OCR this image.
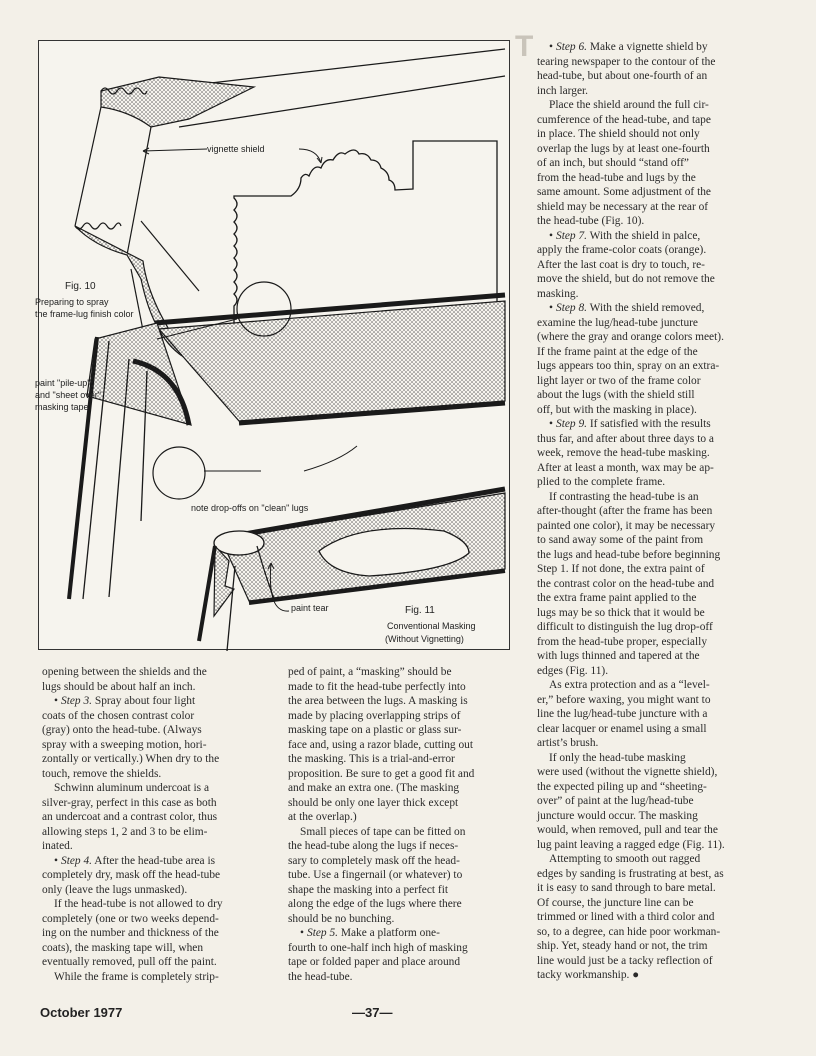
T
vignette shield
Fig. 10
Preparing to spray
the frame-lug finish color
paint "pile-up"
and "sheet over"
masking tape
note drop-offs on "clean" lugs
paint tear	Fig. 11
Conventional Masking
(Without Vignetting)

opening between the shields and the

lugs should be about half an inch.

• Step 3. Spray about four light

coats of the chosen contrast color

(gray) onto the head-tube. (Always

spray with a sweeping motion, hori-

zontally or vertically.) When dry to the

touch, remove the shields.

Schwinn aluminum undercoat is a

silver-gray, perfect in this case as both

an undercoat and a contrast color, thus

allowing steps 1, 2 and 3 to be elim-

inated.

• Step 4. After the head-tube area is

completely dry, mask off the head-tube

only (leave the lugs unmasked).

If the head-tube is not allowed to dry

completely (one or two weeks depend-

ing on the number and thickness of the

coats), the masking tape will, when

eventually removed, pull off the paint.

While the frame is completely strip-

ped of paint, a “masking” should be

made to fit the head-tube perfectly into

the area between the lugs. A masking is

made by placing overlapping strips of

masking tape on a plastic or glass sur-

face and, using a razor blade, cutting out

the masking. This is a trial-and-error

proposition. Be sure to get a good fit and

and make an extra one. (The masking

should be only one layer thick except

at the overlap.)

Small pieces of tape can be fitted on

the head-tube along the lugs if neces-

sary to completely mask off the head-

tube. Use a fingernail (or whatever) to

shape the masking into a perfect fit

along the edge of the lugs where there

should be no bunching.

• Step 5. Make a platform one-

fourth to one-half inch high of masking

tape or folded paper and place around

the head-tube.

• Step 6. Make a vignette shield by

tearing newspaper to the contour of the

head-tube, but about one-fourth of an

inch larger.

Place the shield around the full cir-

cumference of the head-tube, and tape

in place. The shield should not only

overlap the lugs by at least one-fourth

of an inch, but should “stand off”

from the head-tube and lugs by the

same amount. Some adjustment of the

shield may be necessary at the rear of

the head-tube (Fig. 10).

• Step 7. With the shield in palce,

apply the frame-color coats (orange).

After the last coat is dry to touch, re-

move the shield, but do not remove the

masking.

• Step 8. With the shield removed,

examine the lug/head-tube juncture

(where the gray and orange colors meet).

If the frame paint at the edge of the

lugs appears too thin, spray on an extra-

light layer or two of the frame color

about the lugs (with the shield still

off, but with the masking in place).

• Step 9. If satisfied with the results

thus far, and after about three days to a

week, remove the head-tube masking.

After at least a month, wax may be ap-

plied to the complete frame.

If contrasting the head-tube is an

after-thought (after the frame has been

painted one color), it may be necessary

to sand away some of the paint from

the lugs and head-tube before beginning

Step 1. If not done, the extra paint of

the contrast color on the head-tube and

the extra frame paint applied to the

lugs may be so thick that it would be

difficult to distinguish the lug drop-off

from the head-tube proper, especially

with lugs thinned and tapered at the

edges (Fig. 11).

As extra protection and as a “level-

er,” before waxing, you might want to

line the lug/head-tube juncture with a

clear lacquer or enamel using a small

artist’s brush.

If only the head-tube masking

were used (without the vignette shield),

the expected piling up and “sheeting-

over” of paint at the lug/head-tube

juncture would occur. The masking

would, when removed, pull and tear the

lug paint leaving a ragged edge (Fig. 11).

Attempting to smooth out ragged

edges by sanding is frustrating at best, as

it is easy to sand through to bare metal.

Of course, the juncture line can be

trimmed or lined with a third color and

so, to a degree, can hide poor workman-

ship. Yet, steady hand or not, the trim

line would just be a tacky reflection of

tacky workmanship. ●

October 1977	—37—
